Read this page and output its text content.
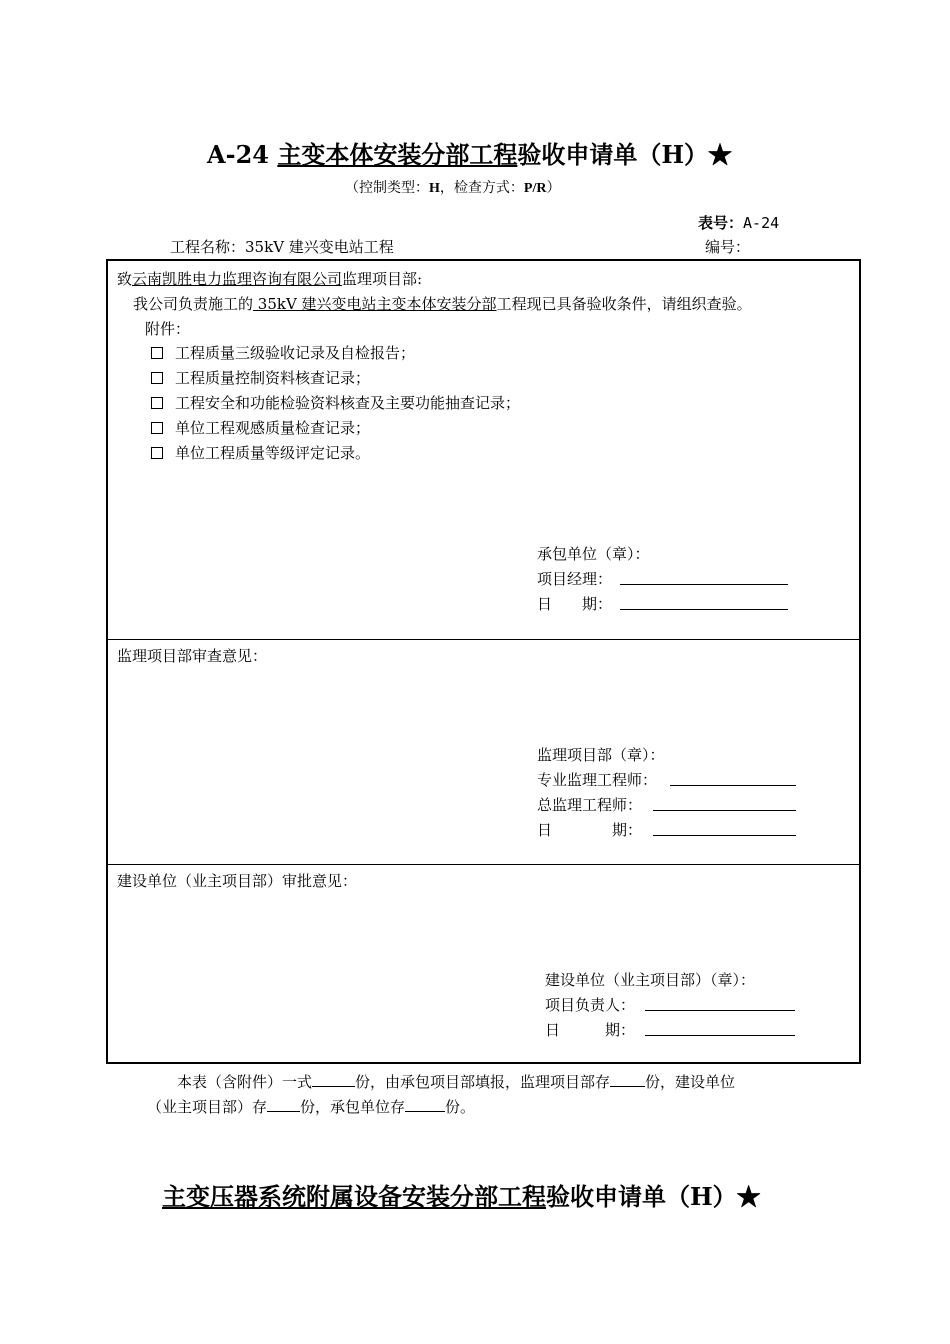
A-24 主变本体安装分部工程验收申请单（H）★
（控制类型：H，检查方式：P/R）
表号：A-24
工程名称：35kV 建兴变电站工程	编号：
致云南凯胜电力监理咨询有限公司监理项目部:
我公司负责施工的 35kV 建兴变电站主变本体安装分部工程现已具备验收条件，请组织查验。
附件：
工程质量三级验收记录及自检报告；
工程质量控制资料核查记录；
工程安全和功能检验资料核查及主要功能抽查记录；
单位工程观感质量检查记录；
单位工程质量等级评定记录。
承包单位（章）：
项目经理：
日　　期：
监理项目部审查意见：
监理项目部（章）：
专业监理工程师：
总监理工程师：
日　　　　期：
建设单位（业主项目部）审批意见：
建设单位（业主项目部）（章）：
项目负责人：
日　　　期：
本表（含附件）一式	份，由承包项目部填报，监理项目部存 份，建设单位
（业主项目部）存 份，承包单位存	份。
主变压器系统附属设备安装分部工程验收申请单（H）★
